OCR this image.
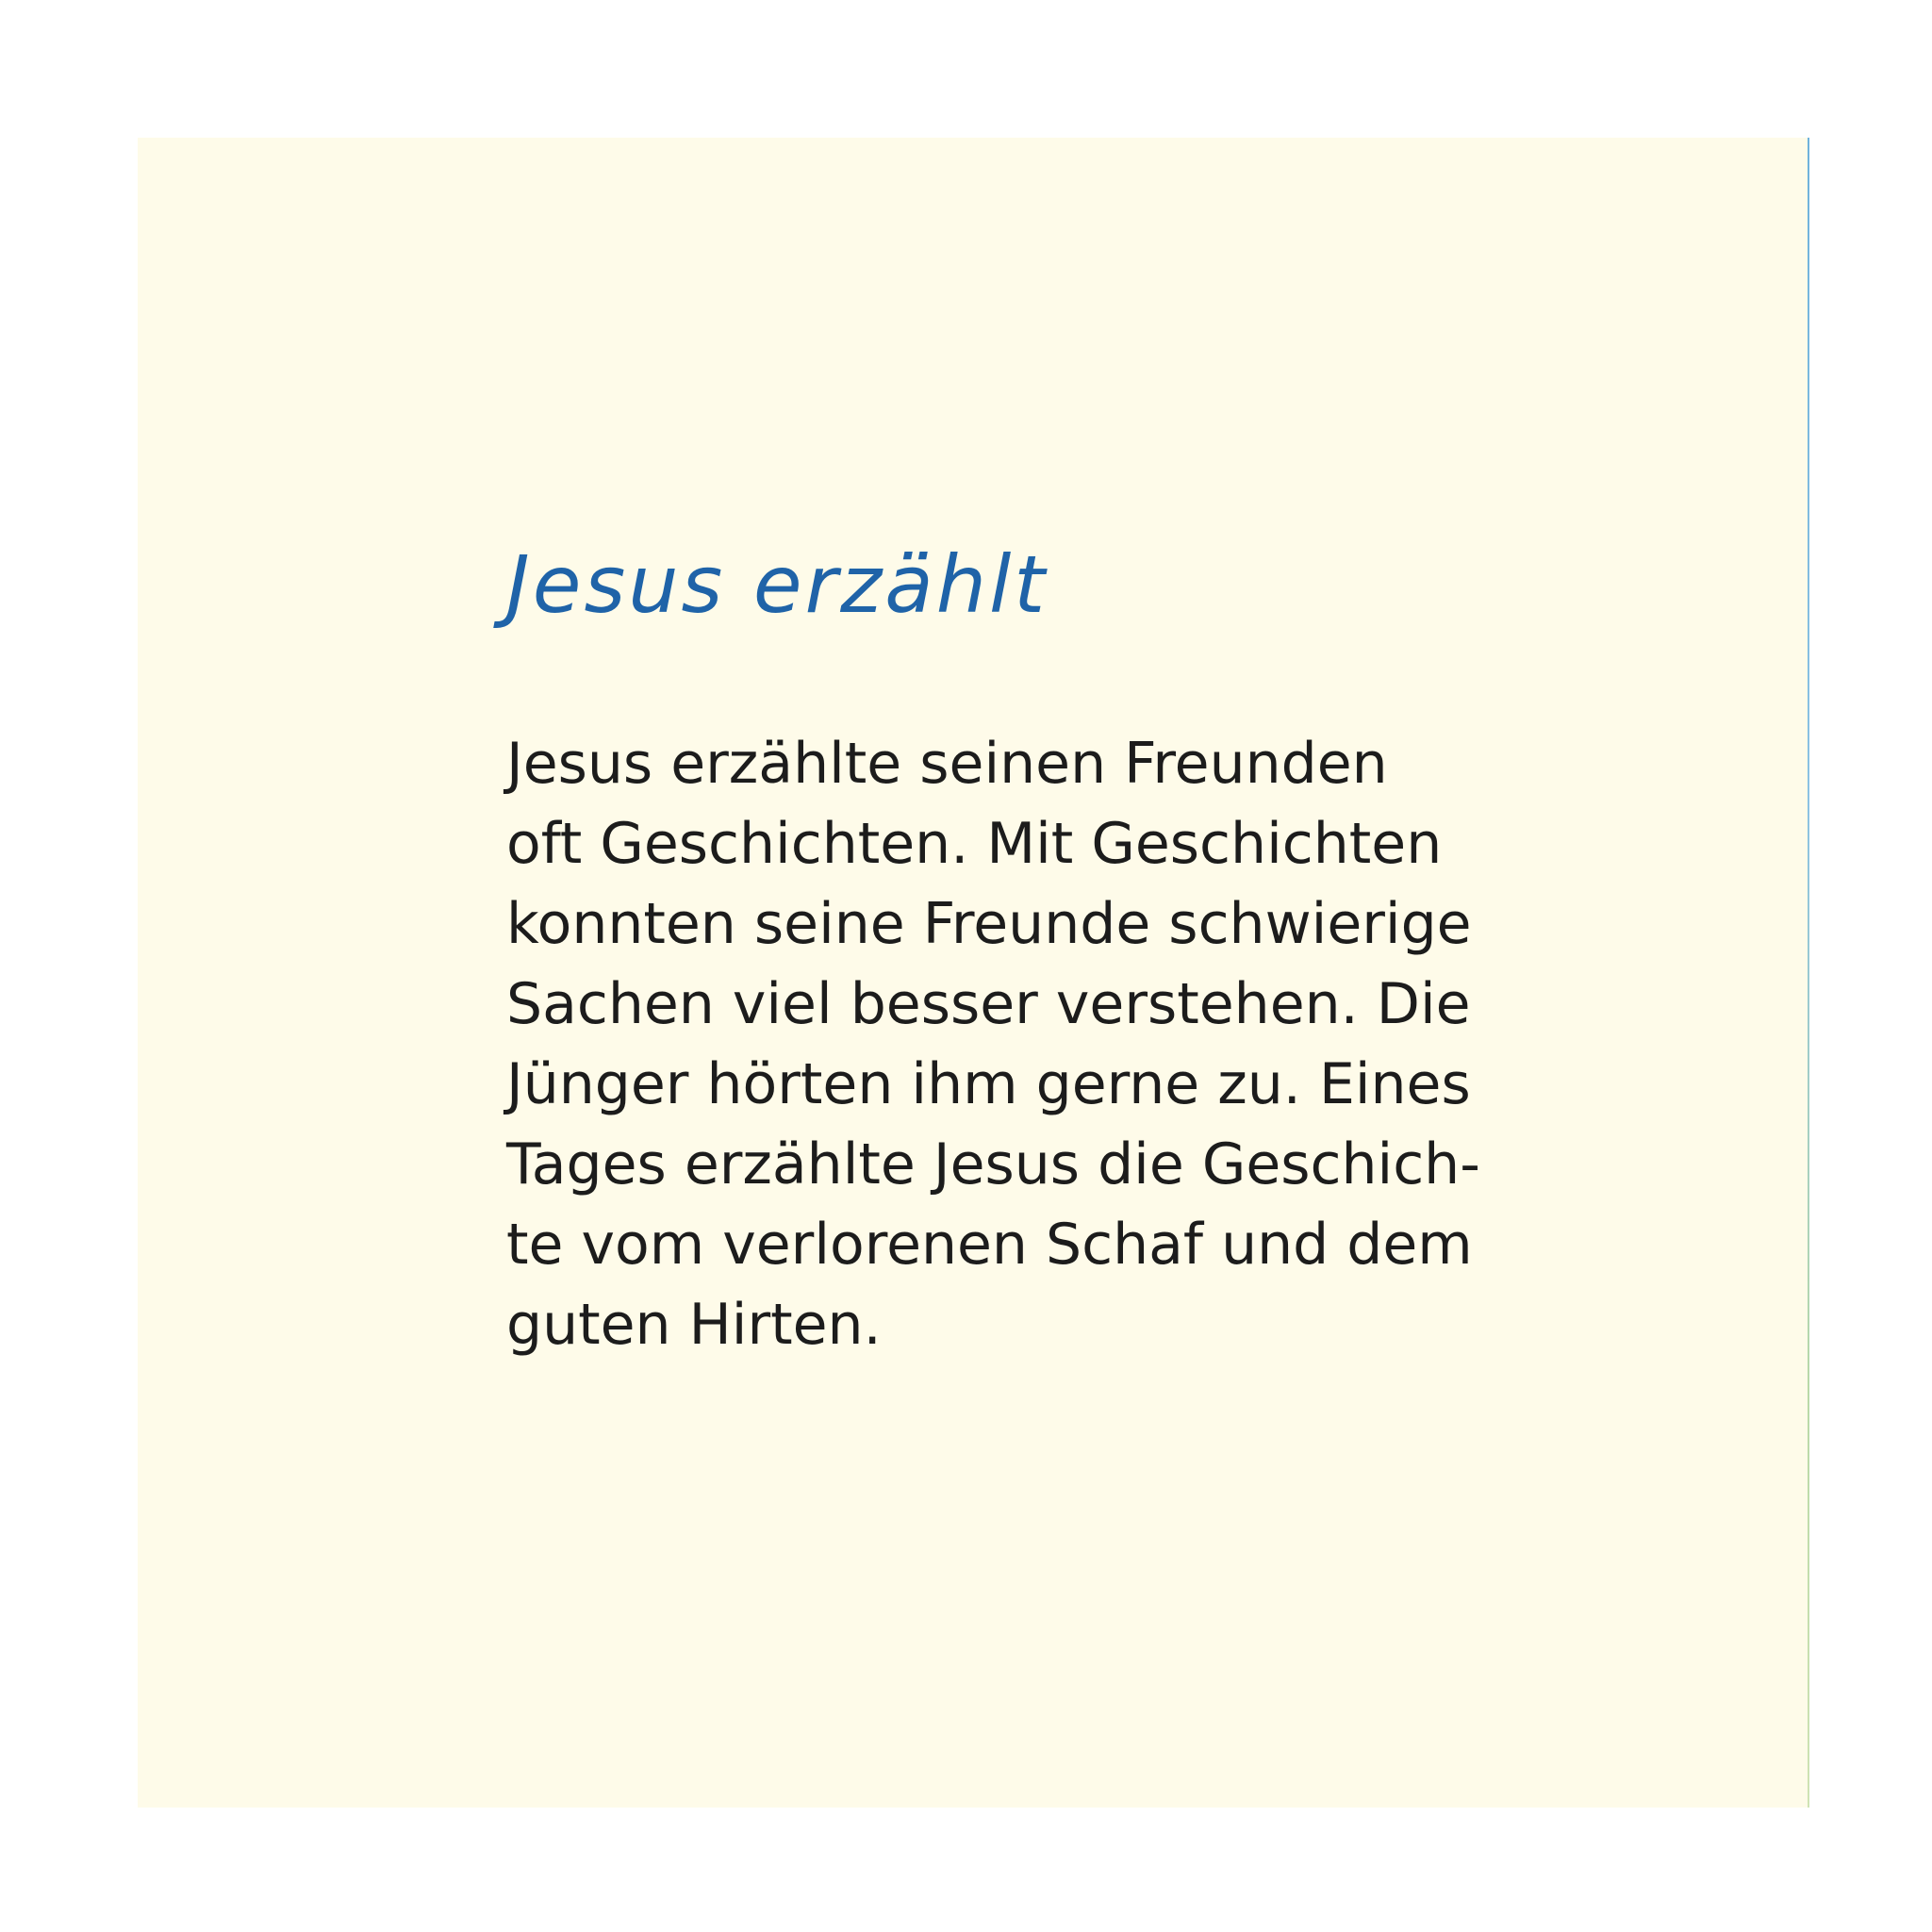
Jesus erzählt

Jesus erzählte seinen Freunden
oft Geschichten. Mit Geschichten
konnten seine Freunde schwierige
Sachen viel besser verstehen. Die
Jünger hörten ihm gerne zu. Eines
Tages erzählte Jesus die Geschich-
te vom verlorenen Schaf und dem
guten Hirten.
